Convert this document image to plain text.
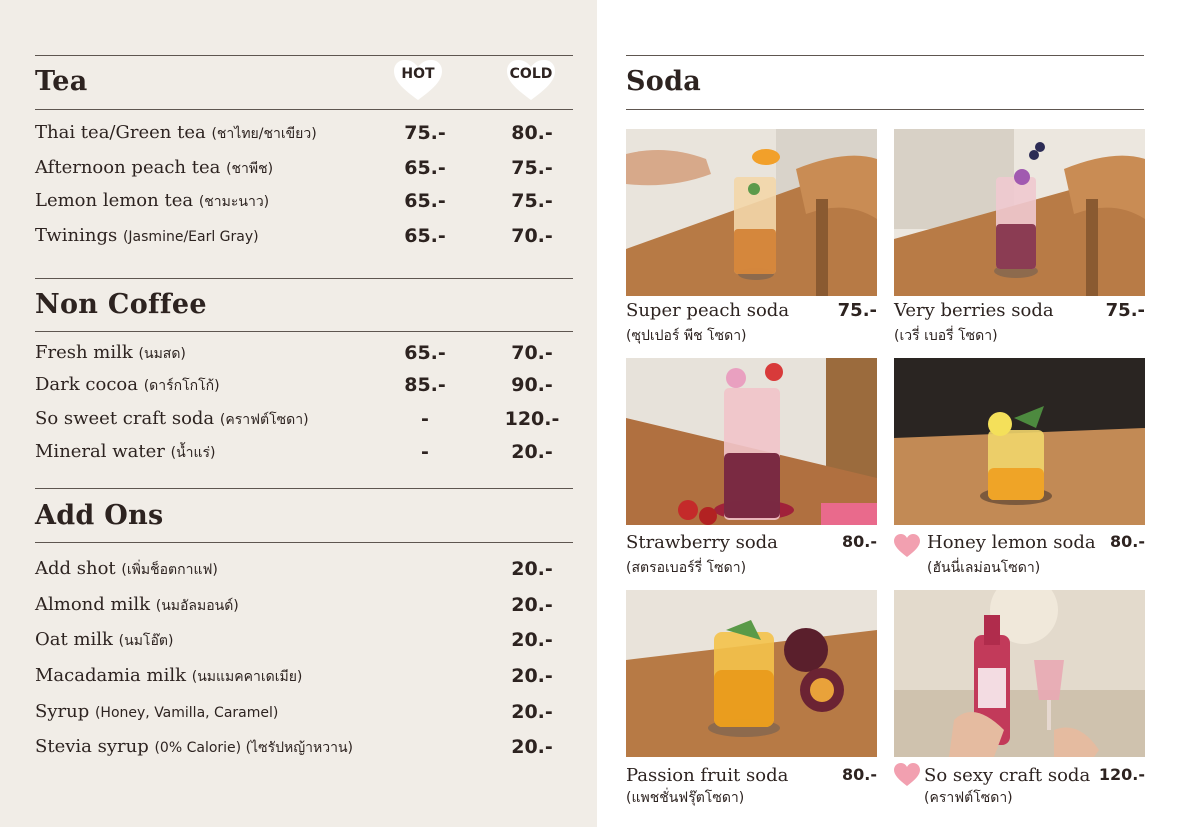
Tea	HOT	COLD
Thai tea/Green tea (ชาไทย/ชาเขียว)	75.-	80.-
Afternoon peach tea (ชาพีช)	65.-	75.-
Lemon lemon tea (ชามะนาว)	65.-	75.-
Twinings (Jasmine/Earl Gray)	65.-	70.-
Non Coffee
Fresh milk (นมสด)	65.-	70.-
Dark cocoa (ดาร์กโกโก้)	85.-	90.-
So sweet craft soda (คราฟต์โซดา)	-	120.-
Mineral water (น้ำแร่)	-	20.-
Add Ons
Add shot (เพิ่มช็อตกาแฟ)	20.-
Almond milk (นมอัลมอนด์)	20.-
Oat milk (นมโอ๊ต)	20.-
Macadamia milk (นมแมคคาเดเมีย)	20.-
Syrup (Honey, Vamilla, Caramel)	20.-
Stevia syrup (0% Calorie) (ไซรัปหญ้าหวาน)	20.-
Soda
Super peach soda
(ซุปเปอร์ พีช โซดา)
75.- Very berries soda
(เวรี่ เบอรี่ โซดา)
75.-
Strawberry soda
(สตรอเบอร์รี่ โซดา)
80.-	Honey lemon soda
(ฮันนี่เลม่อนโซดา)
80.-
Passion fruit soda
(แพชชั่นฟรุ๊ตโซดา)
80.-	So sexy craft soda
(คราฟต์โซดา)
120.-
